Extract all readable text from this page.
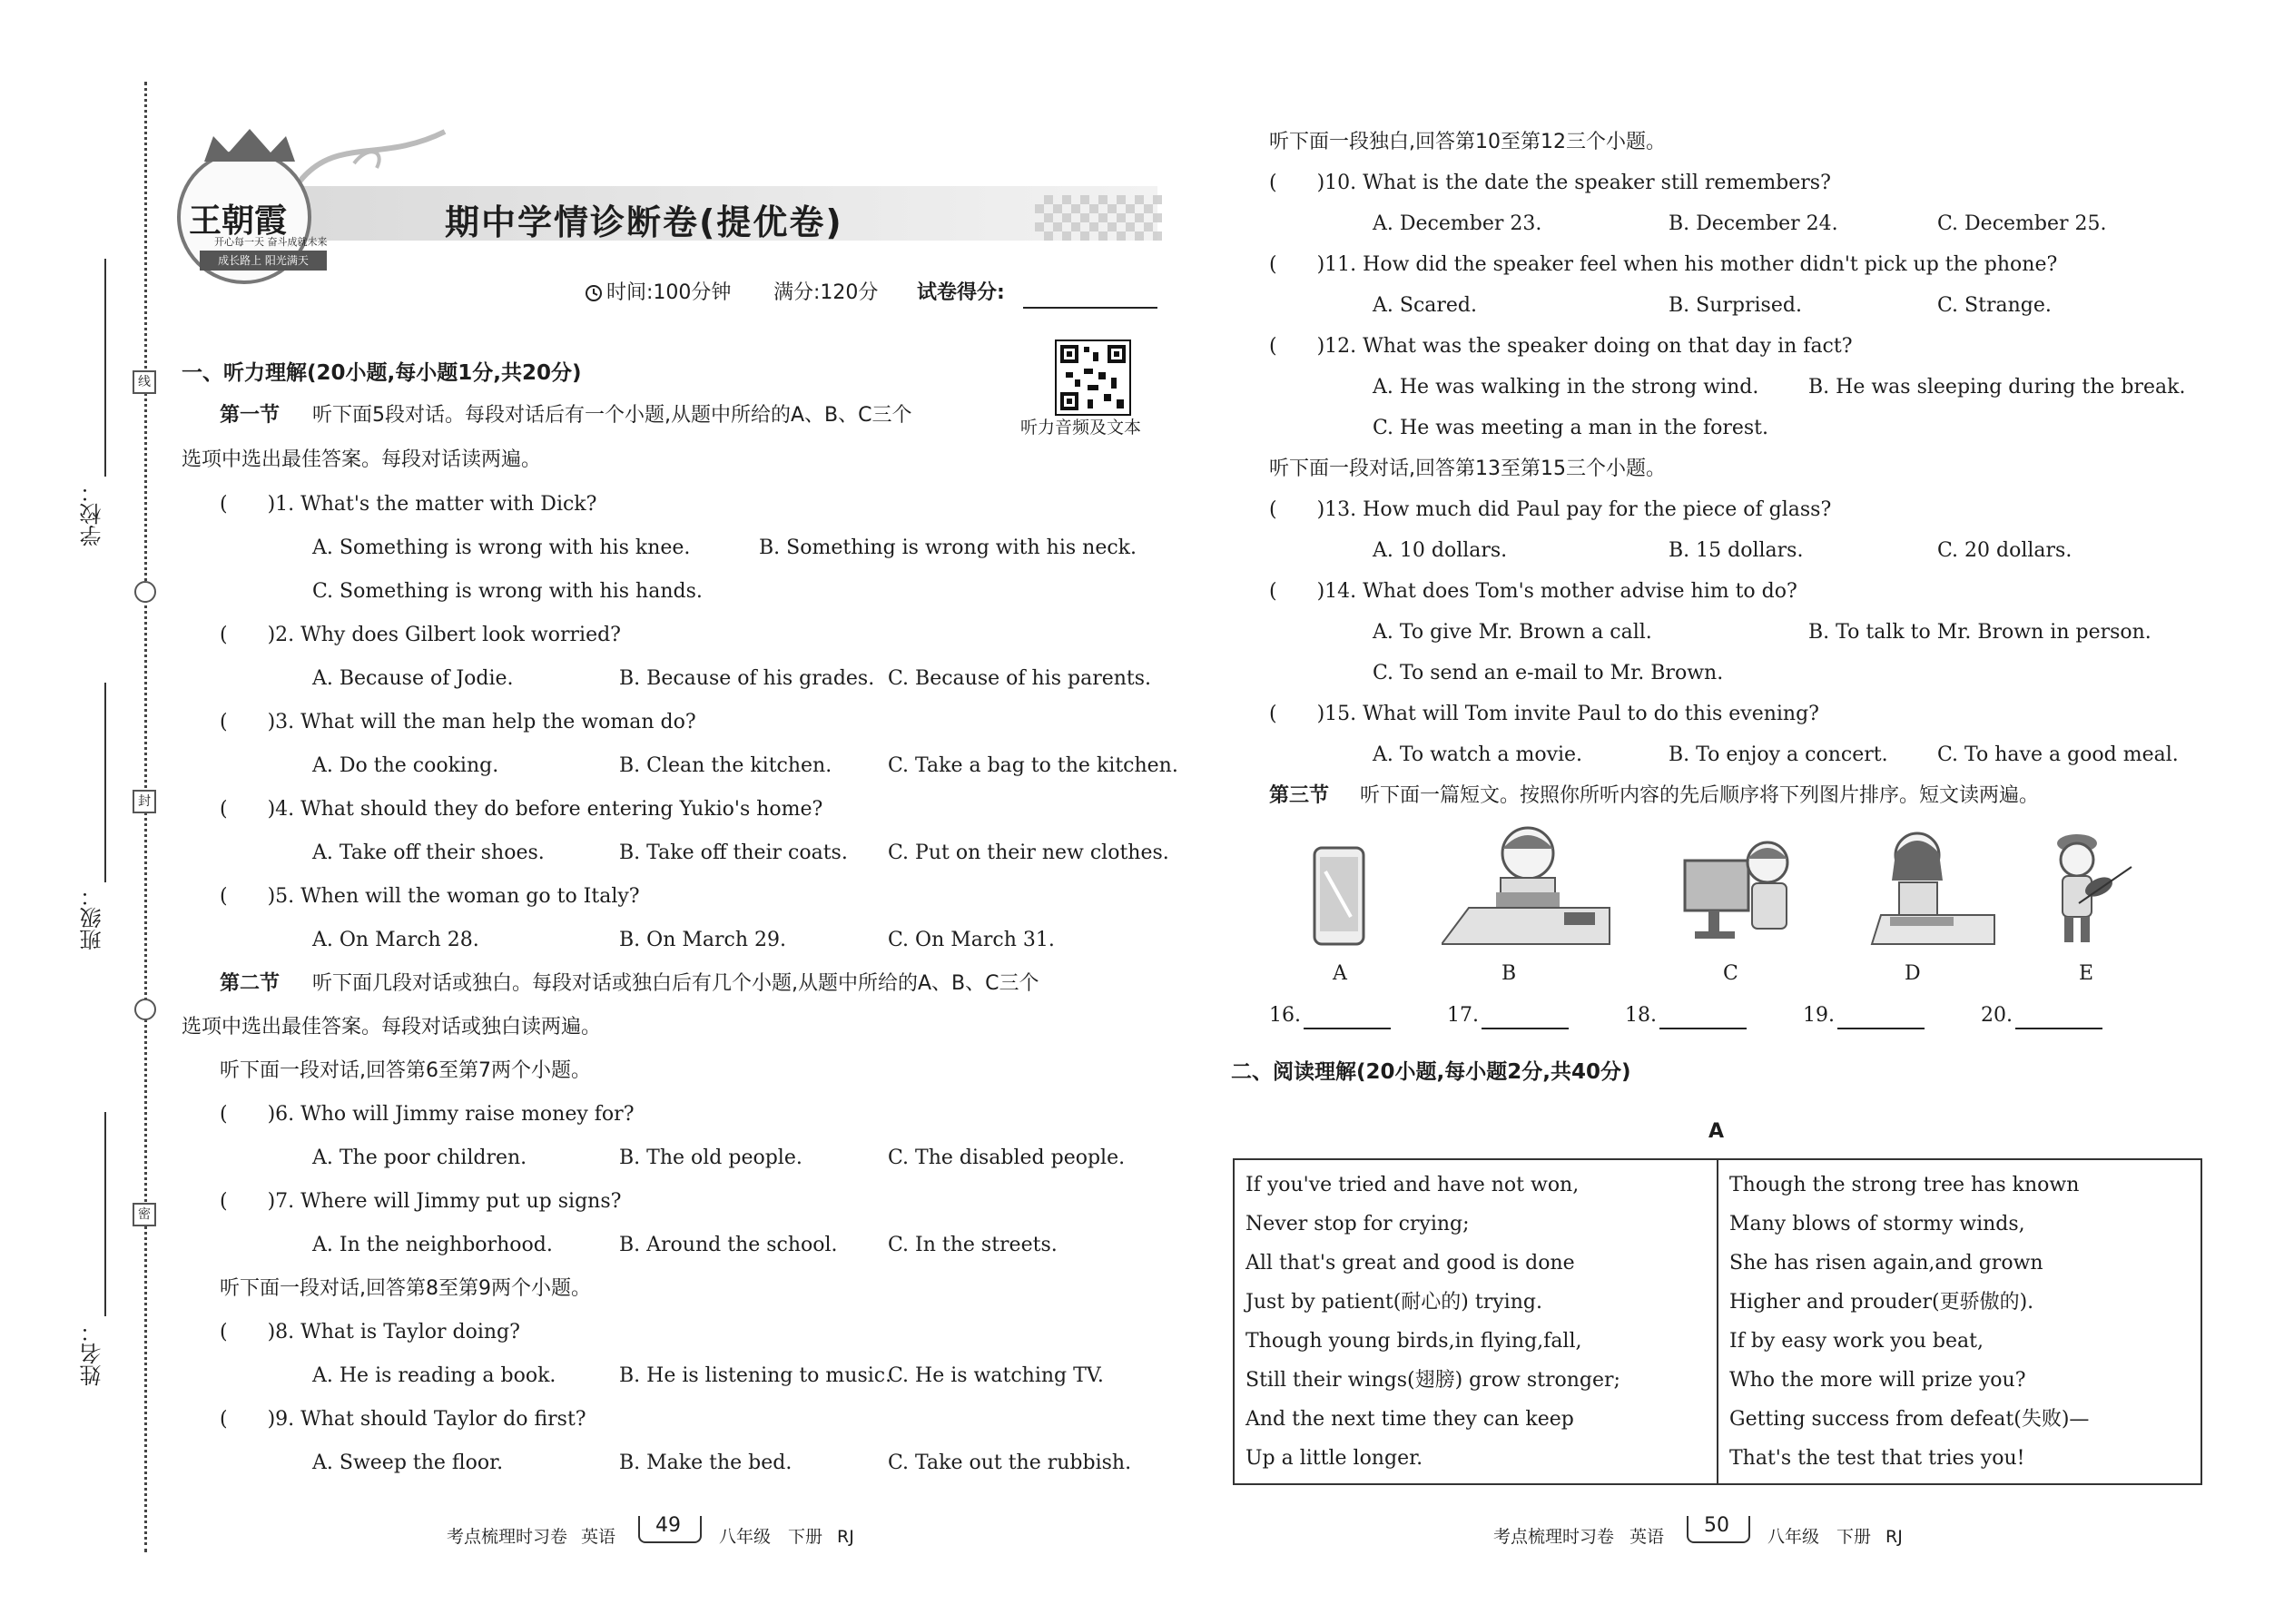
学校：
班级：
姓名：
线
封
密
王朝霞
开心每一天 奋斗成就未来
成长路上 阳光满天
期中学情诊断卷(提优卷)
时间:100分钟 满分:120分 试卷得分:
听力音频及文本
一、听力理解(20小题,每小题1分,共20分)
第一节 听下面5段对话。每段对话后有一个小题,从题中所给的A、B、C三个
选项中选出最佳答案。每段对话读两遍。
(　　)1. What's the matter with Dick?
A. Something is wrong with his knee.	B. Something is wrong with his neck.
C. Something is wrong with his hands.
(　　)2. Why does Gilbert look worried?
A. Because of Jodie.	B. Because of his grades. C. Because of his parents.
(　　)3. What will the man help the woman do?
A. Do the cooking.	B. Clean the kitchen.	C. Take a bag to the kitchen.
(　　)4. What should they do before entering Yukio's home?
A. Take off their shoes.	B. Take off their coats. C. Put on their new clothes.
(　　)5. When will the woman go to Italy?
A. On March 28.	B. On March 29.	C. On March 31.
第二节 听下面几段对话或独白。每段对话或独白后有几个小题,从题中所给的A、B、C三个
选项中选出最佳答案。每段对话或独白读两遍。
听下面一段对话,回答第6至第7两个小题。
(　　)6. Who will Jimmy raise money for?
A. The poor children.	B. The old people.	C. The disabled people.
(　　)7. Where will Jimmy put up signs?
A. In the neighborhood.	B. Around the school.	C. In the streets.
听下面一段对话,回答第8至第9两个小题。
(　　)8. What is Taylor doing?
A. He is reading a book.	B. He is listening to music.
C. He is watching TV.
(　　)9. What should Taylor do first?
A. Sweep the floor.	B. Make the bed.	C. Take out the rubbish.
听下面一段独白,回答第10至第12三个小题。
(　　)10. What is the date the speaker still remembers?
A. December 23.	B. December 24.	C. December 25.
(　　)11. How did the speaker feel when his mother didn't pick up the phone?
A. Scared.	B. Surprised.	C. Strange.
(　　)12. What was the speaker doing on that day in fact?
A. He was walking in the strong wind. B. He was sleeping during the break.
C. He was meeting a man in the forest.
听下面一段对话,回答第13至第15三个小题。
(　　)13. How much did Paul pay for the piece of glass?
A. 10 dollars.	B. 15 dollars.	C. 20 dollars.
(　　)14. What does Tom's mother advise him to do?
A. To give Mr. Brown a call.	B. To talk to Mr. Brown in person.
C. To send an e-mail to Mr. Brown.
(　　)15. What will Tom invite Paul to do this evening?
A. To watch a movie.	B. To enjoy a concert. C. To have a good meal.
第三节 听下面一篇短文。按照你所听内容的先后顺序将下列图片排序。短文读两遍。
A	B	C	D	E
16.	17.	18.	19.	20.
二、阅读理解(20小题,每小题2分,共40分)
A
If you've tried and have not won,
Never stop for crying;
All that's great and good is done
Just by patient(耐心的) trying.
Though young birds,in flying,fall,
Still their wings(翅膀) grow stronger;
And the next time they can keep
Up a little longer.

Though the strong tree has known
Many blows of stormy winds,
She has risen again,and grown
Higher and prouder(更骄傲的).
If by easy work you beat,
Who the more will prize you?
Getting success from defeat(失败)—
That's the test that tries you!
考点梳理时习卷 英语 49 八年级 下册 RJ	考点梳理时习卷 英语 50 八年级 下册 RJ
